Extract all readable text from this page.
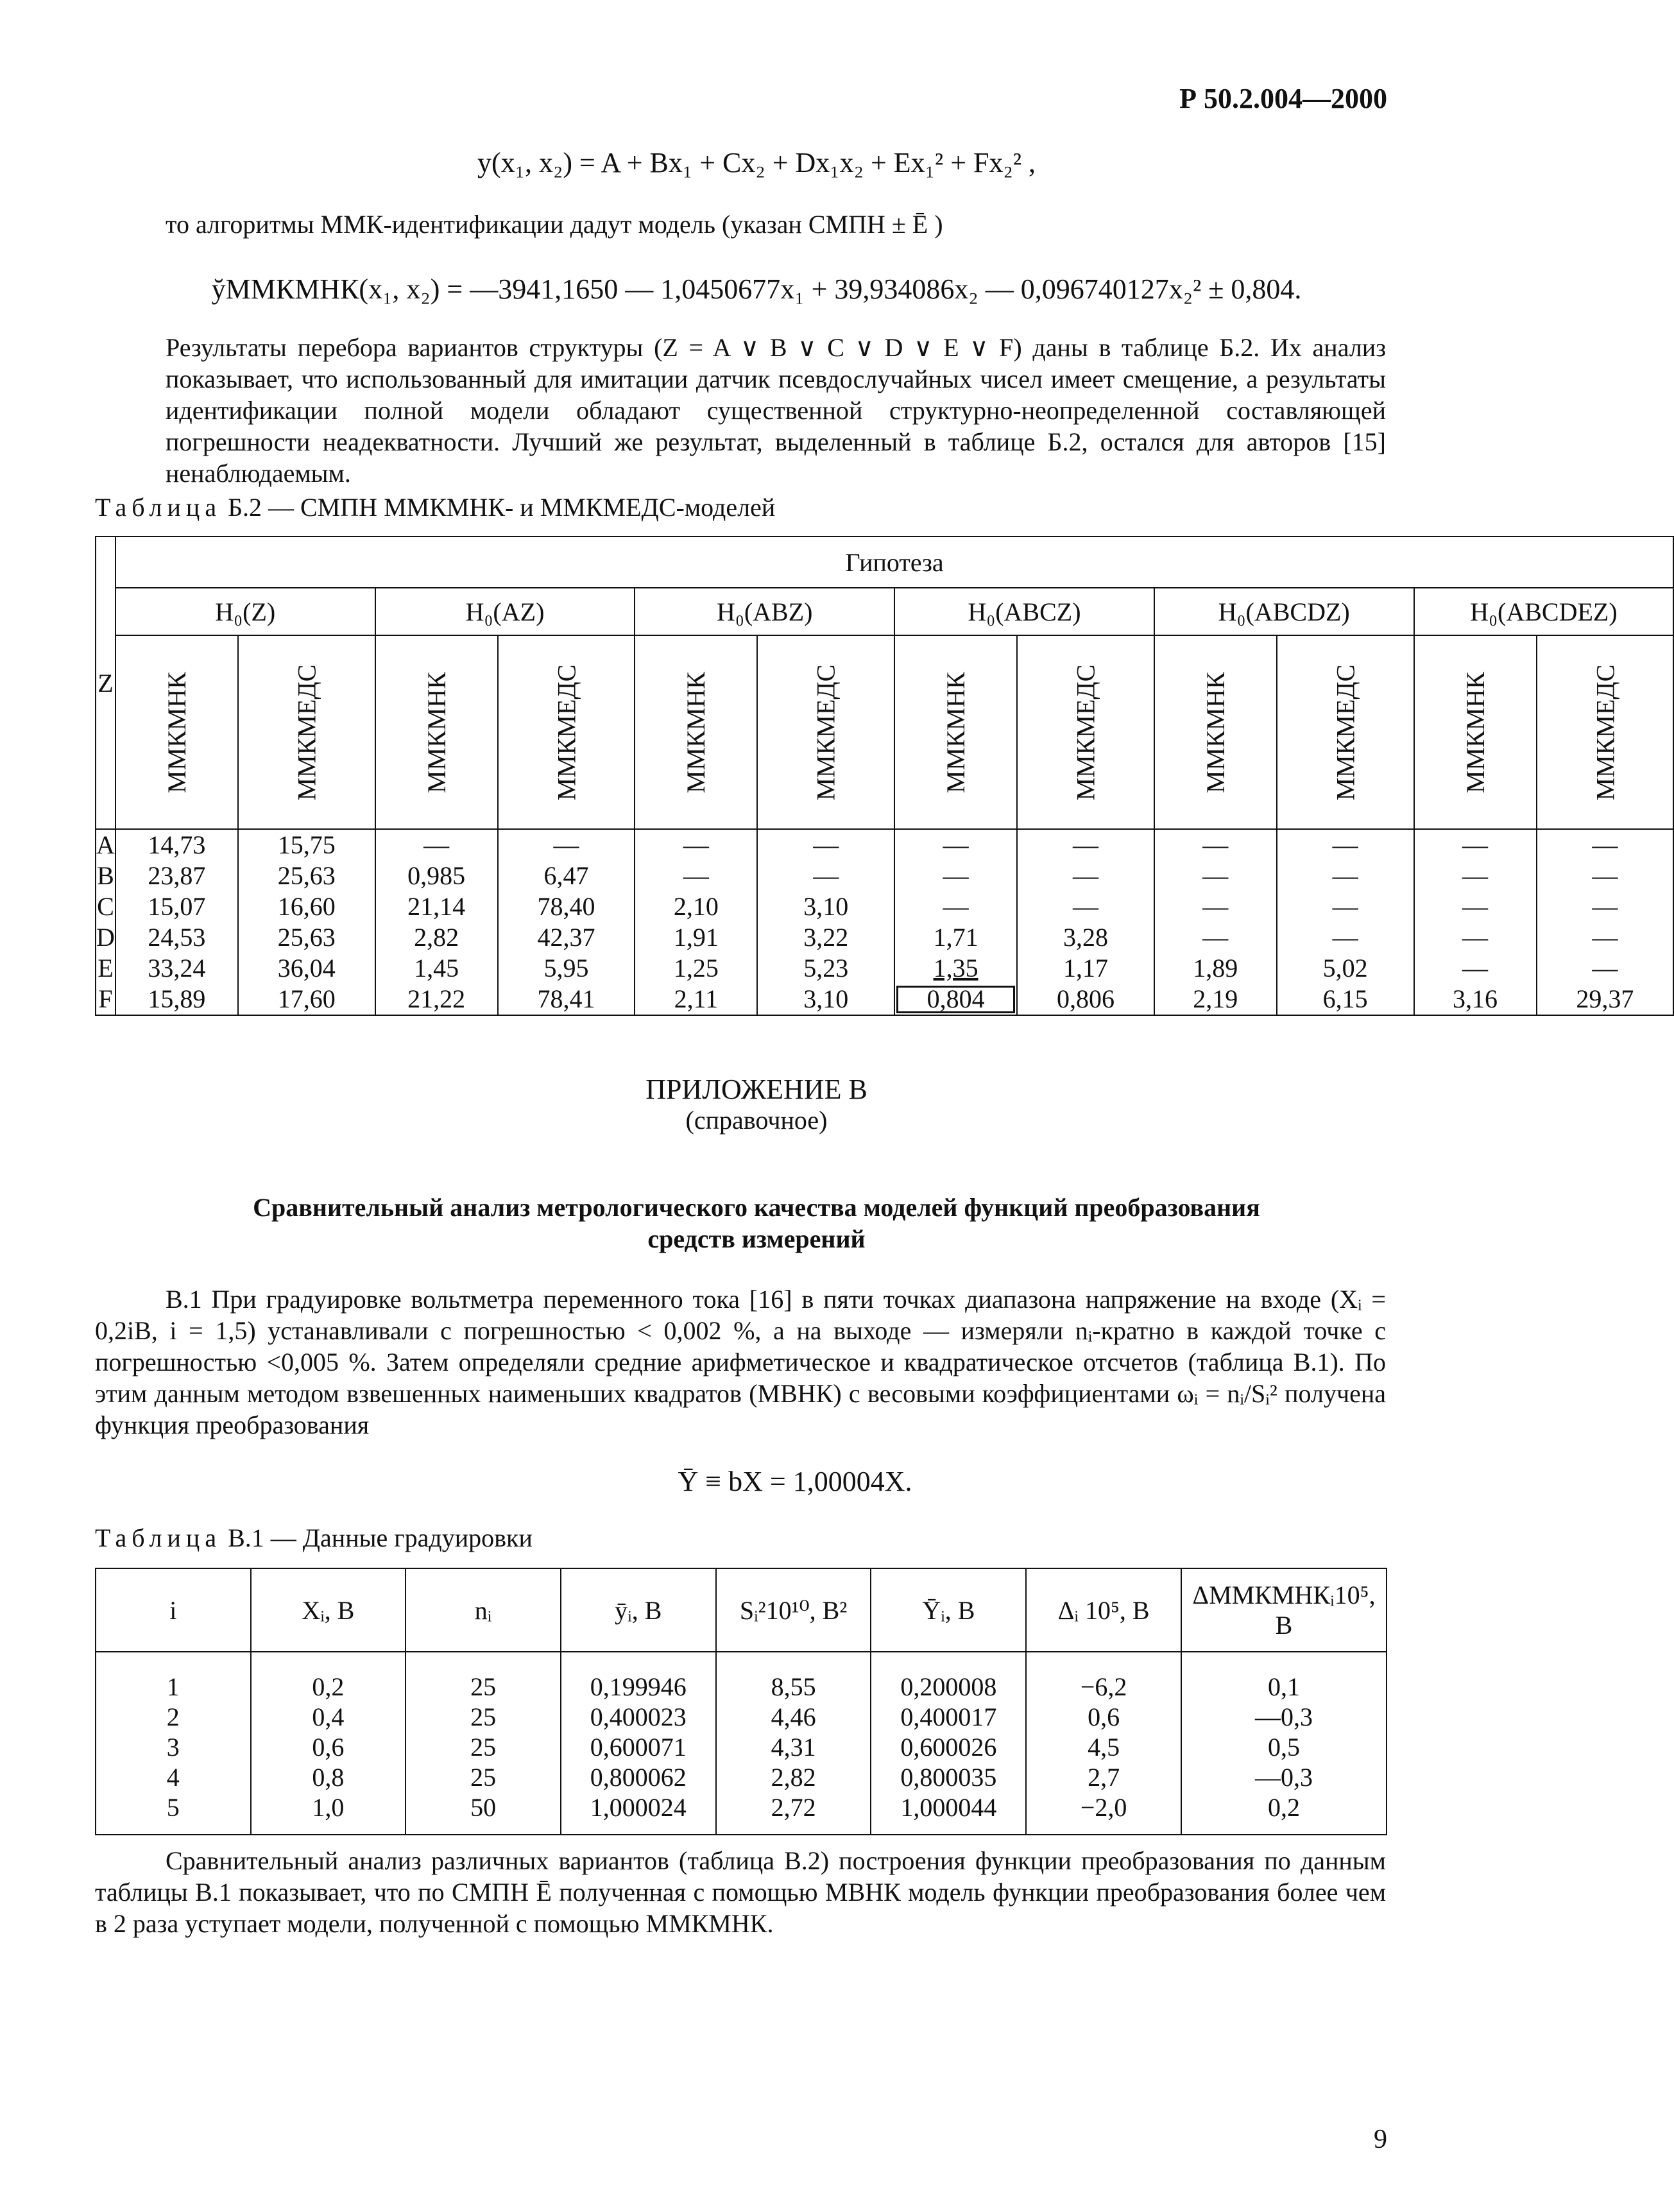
Р 50.2.004—2000
y(x₁, x₂) = A + Bx₁ + Cx₂ + Dx₁x₂ + Ex₁² + Fx₂² ,
то алгоритмы ММК-идентификации дадут модель (указан СМПН ± Ē )
y̆ММКМНК(x₁, x₂) = —3941,1650 — 1,0450677x₁ + 39,934086x₂ — 0,096740127x₂² ± 0,804.
Результаты перебора вариантов структуры (Z = A ∨ B ∨ C ∨ D ∨ E ∨ F) даны в таблице Б.2. Их анализ показывает, что использованный для имитации датчик псевдослучайных чисел имеет смещение, а результаты идентификации полной модели обладают существенной структурно-неопределенной составляющей погрешности неадекватности. Лучший же результат, выделенный в таблице Б.2, остался для авторов [15] ненаблюдаемым.
Таблица Б.2 — СМПН ММКМНК- и ММКМЕДС-моделей
Z	Гипотеза											
	H₀(Z)		H₀(AZ)		H₀(ABZ)		H₀(ABCZ)		H₀(ABCDZ)		H₀(ABCDEZ)	
	ММКМНК	ММКМЕДС	ММКМНК	ММКМЕДС	ММКМНК	ММКМЕДС	ММКМНК	ММКМЕДС	ММКМНК	ММКМЕДС	ММКМНК	ММКМЕДС
A	14,73	15,75	—	—	—	—	—	—	—	—	—	—
B	23,87	25,63	0,985	6,47	—	—	—	—	—	—	—	—
C	15,07	16,60	21,14	78,40	2,10	3,10	—	—	—	—	—	—
D	24,53	25,63	2,82	42,37	1,91	3,22	1,71	3,28	—	—	—	—
E	33,24	36,04	1,45	5,95	1,25	5,23	1,35	1,17	1,89	5,02	—	—
F	15,89	17,60	21,22	78,41	2,11	3,10	0,804	0,806	2,19	6,15	3,16	29,37
ПРИЛОЖЕНИЕ В
(справочное)
Сравнительный анализ метрологического качества моделей функций преобразования
средств измерений
В.1 При градуировке вольтметра переменного тока [16] в пяти точках диапазона напряжение на входе (Xᵢ = 0,2iB, i = 1,5) устанавливали с погрешностью < 0,002 %, а на выходе — измеряли nᵢ-кратно в каждой точке с погрешностью <0,005 %. Затем определяли средние арифметическое и квадратическое отсчетов (таблица В.1). По этим данным методом взвешенных наименьших квадратов (МВНК) с весовыми коэффициентами ωᵢ = nᵢ/Sᵢ² получена функция преобразования
Ȳ ≡ bX = 1,00004X.
Таблица В.1 — Данные градуировки
i	Xᵢ, В	nᵢ	ȳᵢ, В	Sᵢ²10¹⁰, В²	Ȳᵢ, В	Δᵢ 10⁵, В	ΔММКМНКᵢ10⁵, В
1	0,2	25	0,199946	8,55	0,200008	−6,2	0,1
2	0,4	25	0,400023	4,46	0,400017	0,6	—0,3
3	0,6	25	0,600071	4,31	0,600026	4,5	0,5
4	0,8	25	0,800062	2,82	0,800035	2,7	—0,3
5	1,0	50	1,000024	2,72	1,000044	−2,0	0,2
Сравнительный анализ различных вариантов (таблица В.2) построения функции преобразования по данным таблицы В.1 показывает, что по СМПН Ē полученная с помощью МВНК модель функции преобразования более чем в 2 раза уступает модели, полученной с помощью ММКМНК.
9
